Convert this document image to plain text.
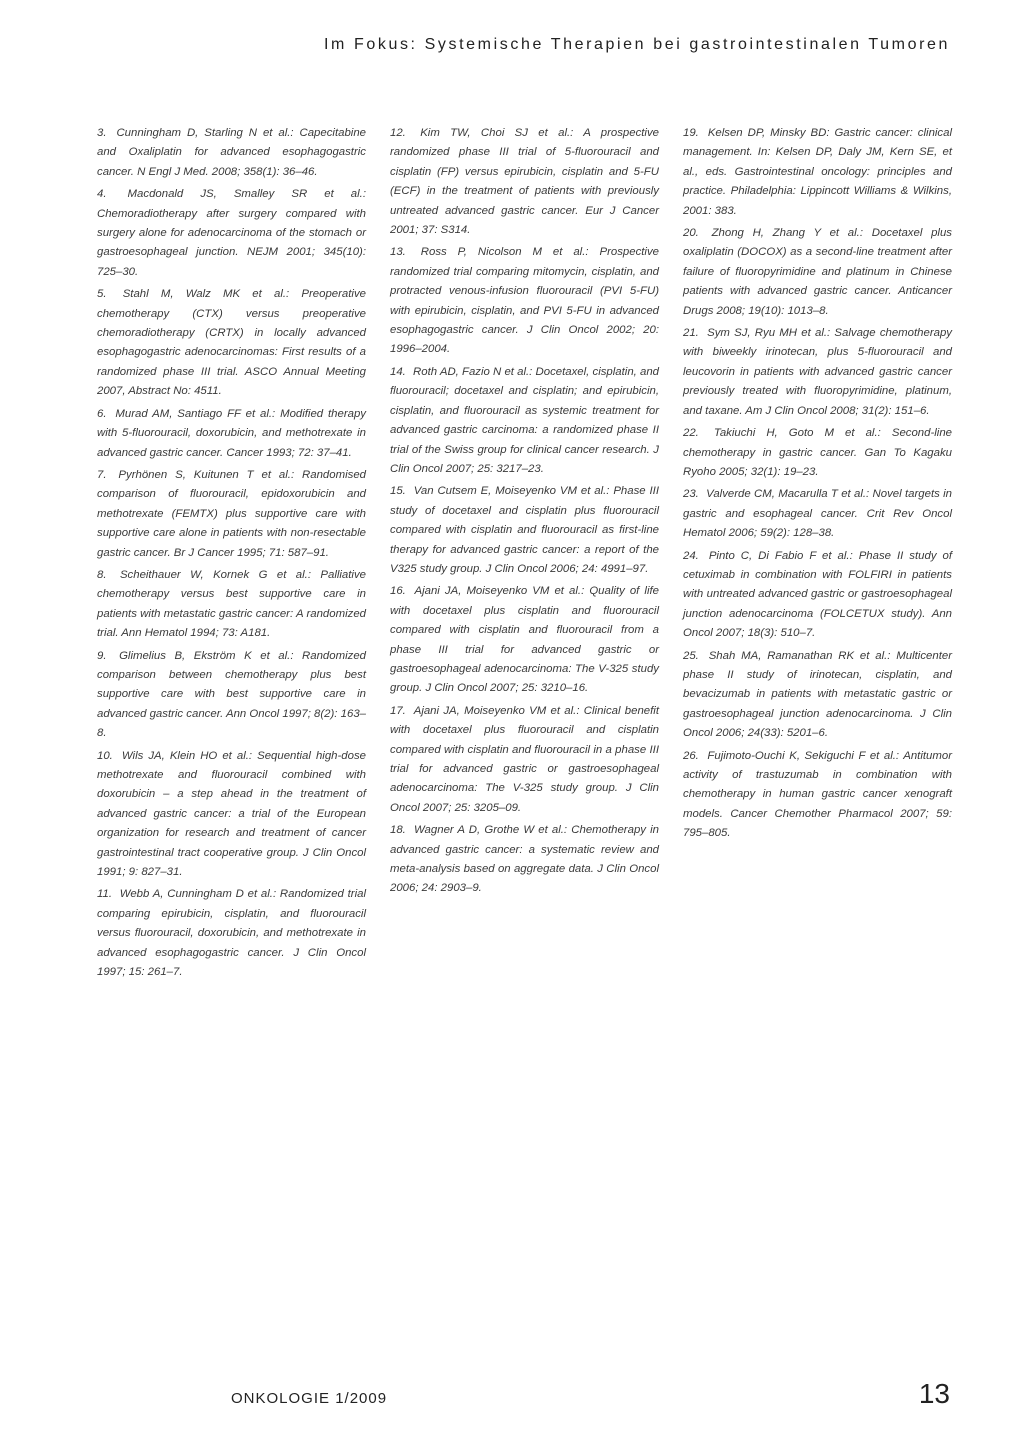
Im Fokus: Systemische Therapien bei gastrointestinalen Tumoren

3. Cunningham D, Starling N et al.: Capecitabine and Oxaliplatin for advanced esophagogastric cancer. N Engl J Med. 2008; 358(1): 36–46.

4. Macdonald JS, Smalley SR et al.: Chemoradiotherapy after surgery compared with surgery alone for adenocarcinoma of the stomach or gastroesophageal junction. NEJM 2001; 345(10): 725–30.

5. Stahl M, Walz MK et al.: Preoperative chemotherapy (CTX) versus preoperative chemoradiotherapy (CRTX) in locally advanced esophagogastric adenocarcinomas: First results of a randomized phase III trial. ASCO Annual Meeting 2007, Abstract No: 4511.

6. Murad AM, Santiago FF et al.: Modified therapy with 5-fluorouracil, doxorubicin, and methotrexate in advanced gastric cancer. Cancer 1993; 72: 37–41.

7. Pyrhönen S, Kuitunen T et al.: Randomised comparison of fluorouracil, epidoxorubicin and methotrexate (FEMTX) plus supportive care with supportive care alone in patients with non-resectable gastric cancer. Br J Cancer 1995; 71: 587–91.

8. Scheithauer W, Kornek G et al.: Palliative chemotherapy versus best supportive care in patients with metastatic gastric cancer: A randomized trial. Ann Hematol 1994; 73: A181.

9. Glimelius B, Ekström K et al.: Randomized comparison between chemotherapy plus best supportive care with best supportive care in advanced gastric cancer. Ann Oncol 1997; 8(2): 163–8.

10. Wils JA, Klein HO et al.: Sequential high-dose methotrexate and fluorouracil combined with doxorubicin – a step ahead in the treatment of advanced gastric cancer: a trial of the European organization for research and treatment of cancer gastrointestinal tract cooperative group. J Clin Oncol 1991; 9: 827–31.

11. Webb A, Cunningham D et al.: Randomized trial comparing epirubicin, cisplatin, and fluorouracil versus fluorouracil, doxorubicin, and methotrexate in advanced esophagogastric cancer. J Clin Oncol 1997; 15: 261–7.

12. Kim TW, Choi SJ et al.: A prospective randomized phase III trial of 5-fluorouracil and cisplatin (FP) versus epirubicin, cisplatin and 5-FU (ECF) in the treatment of patients with previously untreated advanced gastric cancer. Eur J Cancer 2001; 37: S314.

13. Ross P, Nicolson M et al.: Prospective randomized trial comparing mitomycin, cisplatin, and protracted venous-infusion fluorouracil (PVI 5-FU) with epirubicin, cisplatin, and PVI 5-FU in advanced esophagogastric cancer. J Clin Oncol 2002; 20: 1996–2004.

14. Roth AD, Fazio N et al.: Docetaxel, cisplatin, and fluorouracil; docetaxel and cisplatin; and epirubicin, cisplatin, and fluorouracil as systemic treatment for advanced gastric carcinoma: a randomized phase II trial of the Swiss group for clinical cancer research. J Clin Oncol 2007; 25: 3217–23.

15. Van Cutsem E, Moiseyenko VM et al.: Phase III study of docetaxel and cisplatin plus fluorouracil compared with cisplatin and fluorouracil as first-line therapy for advanced gastric cancer: a report of the V325 study group. J Clin Oncol 2006; 24: 4991–97.

16. Ajani JA, Moiseyenko VM et al.: Quality of life with docetaxel plus cisplatin and fluorouracil compared with cisplatin and fluorouracil from a phase III trial for advanced gastric or gastroesophageal adenocarcinoma: The V-325 study group. J Clin Oncol 2007; 25: 3210–16.

17. Ajani JA, Moiseyenko VM et al.: Clinical benefit with docetaxel plus fluorouracil and cisplatin compared with cisplatin and fluorouracil in a phase III trial for advanced gastric or gastroesophageal adenocarcinoma: The V-325 study group. J Clin Oncol 2007; 25: 3205–09.

18. Wagner A D, Grothe W et al.: Chemotherapy in advanced gastric cancer: a systematic review and meta-analysis based on aggregate data. J Clin Oncol 2006; 24: 2903–9.

19. Kelsen DP, Minsky BD: Gastric cancer: clinical management. In: Kelsen DP, Daly JM, Kern SE, et al., eds. Gastrointestinal oncology: principles and practice. Philadelphia: Lippincott Williams & Wilkins, 2001: 383.

20. Zhong H, Zhang Y et al.: Docetaxel plus oxaliplatin (DOCOX) as a second-line treatment after failure of fluoropyrimidine and platinum in Chinese patients with advanced gastric cancer. Anticancer Drugs 2008; 19(10): 1013–8.

21. Sym SJ, Ryu MH et al.: Salvage chemotherapy with biweekly irinotecan, plus 5-fluorouracil and leucovorin in patients with advanced gastric cancer previously treated with fluoropyrimidine, platinum, and taxane. Am J Clin Oncol 2008; 31(2): 151–6.

22. Takiuchi H, Goto M et al.: Second-line chemotherapy in gastric cancer. Gan To Kagaku Ryoho 2005; 32(1): 19–23.

23. Valverde CM, Macarulla T et al.: Novel targets in gastric and esophageal cancer. Crit Rev Oncol Hematol 2006; 59(2): 128–38.

24. Pinto C, Di Fabio F et al.: Phase II study of cetuximab in combination with FOLFIRI in patients with untreated advanced gastric or gastroesophageal junction adenocarcinoma (FOLCETUX study). Ann Oncol 2007; 18(3): 510–7.

25. Shah MA, Ramanathan RK et al.: Multicenter phase II study of irinotecan, cisplatin, and bevacizumab in patients with metastatic gastric or gastroesophageal junction adenocarcinoma. J Clin Oncol 2006; 24(33): 5201–6.

26. Fujimoto-Ouchi K, Sekiguchi F et al.: Antitumor activity of trastuzumab in combination with chemotherapy in human gastric cancer xenograft models. Cancer Chemother Pharmacol 2007; 59: 795–805.

ONKOLOGIE 1/2009	13
